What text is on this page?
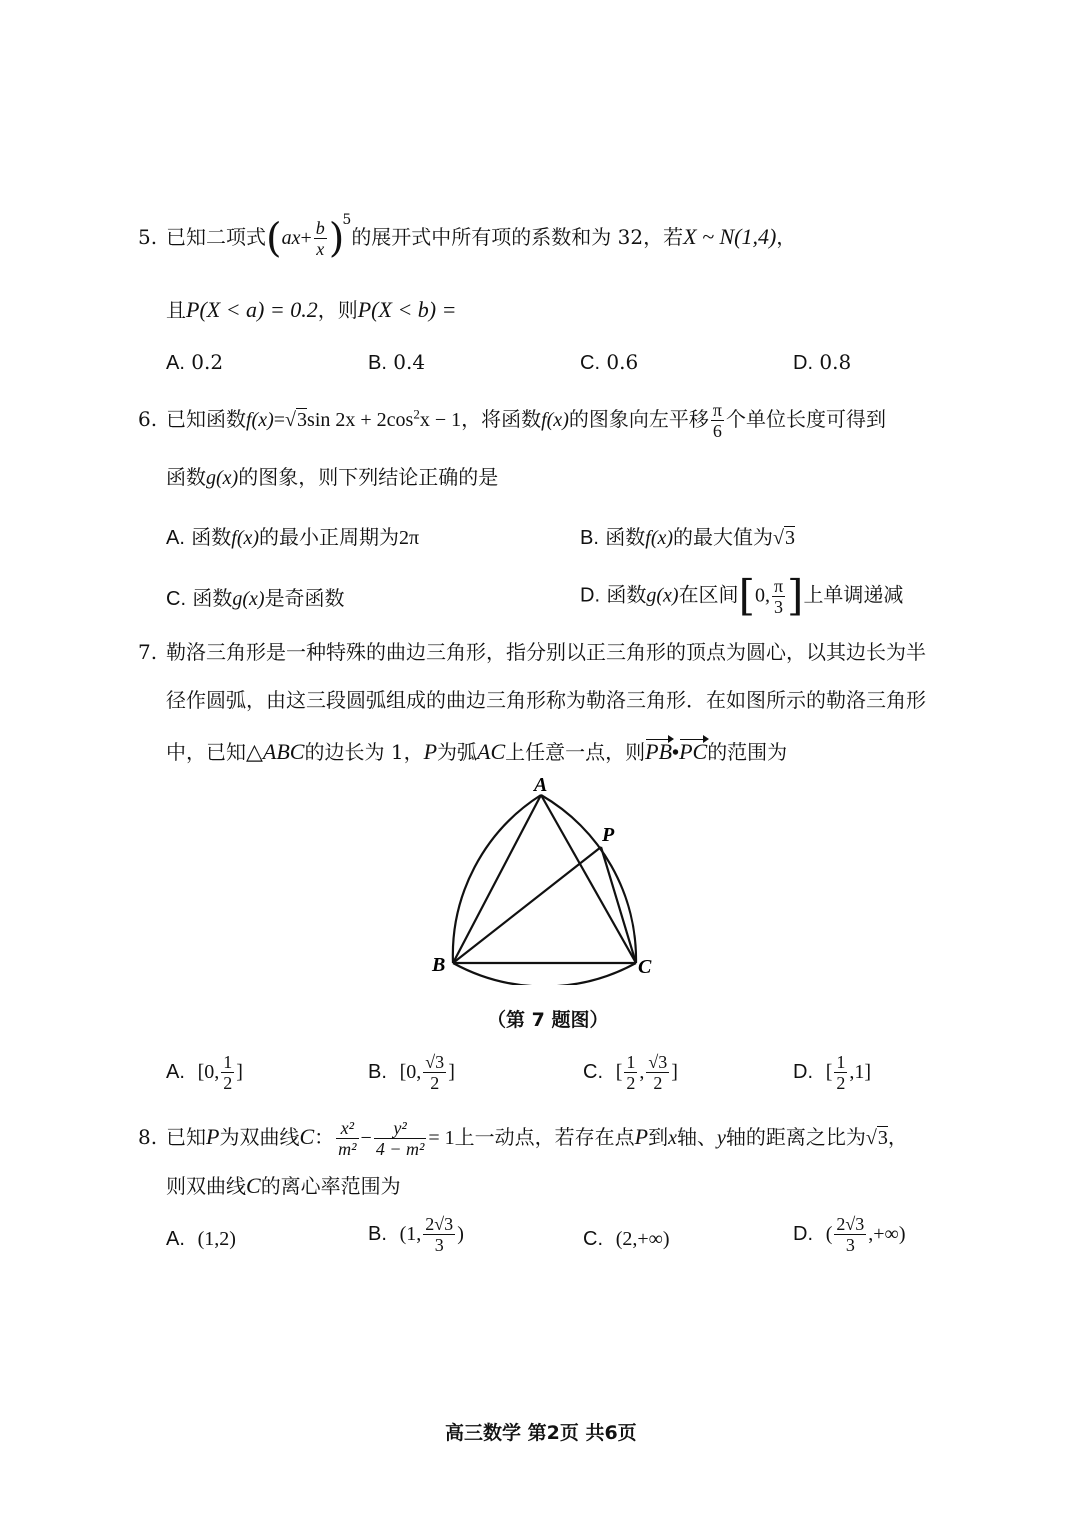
5. 已知二项式$(ax+ \frac{b}{x} )^5$的展开式中所有项的系数和为 32，若X ~ N(1,4)，
且P(X < a) = 0.2，则P(X < b) =
A. 0.2	B. 0.4	C. 0.6	D. 0.8
6. 已知函数f(x)=√3sin $2x + 2\cos^2x - 1$，将函数f(x)的图象向左平移 $\frac{\pi}{6}$ 个单位长度可得到
函数g(x)的图象，则下列结论正确的是
A. 函数f(x)的最小正周期为2π	B. 函数f(x)的最大值为√3
C. 函数g(x)是奇函数	D. 函数g(x)在区间[0, $\frac{\pi}{3}$ ]上单调递减
7. 勒洛三角形是一种特殊的曲边三角形，指分别以正三角形的顶点为圆心，以其边长为半
径作圆弧，由这三段圆弧组成的曲边三角形称为勒洛三角形．在如图所示的勒洛三角形
中，已知△ABC的边长为 1，P为弧AC上任意一点，则PB•PC的范围为
A
P
B	C
（第 7 题图）
A. [0, $\frac{1}{2}$ ]	B. [0, $\frac{√3}{2}$ ]	C. [ $\frac{1}{2}$ , $\frac{√3}{2}$ ]	D. [ $\frac{1}{2} ,1$]
8. 已知P为双曲线C： $\frac{\text{x²}}{\text{m²}} - \frac{\text{y²}}{\text{4 − m²}} = 1$上一动点，若存在点P到x轴、y轴的距离之比为√3，
则双曲线C的离心率范围为
A. (1,2)	B. (1, $\frac{2√3}{3}$ )	C. (2,+∞)	D. ( $\frac{2√3}{3}$ ,+∞)
高三数学 第2页 共6页
